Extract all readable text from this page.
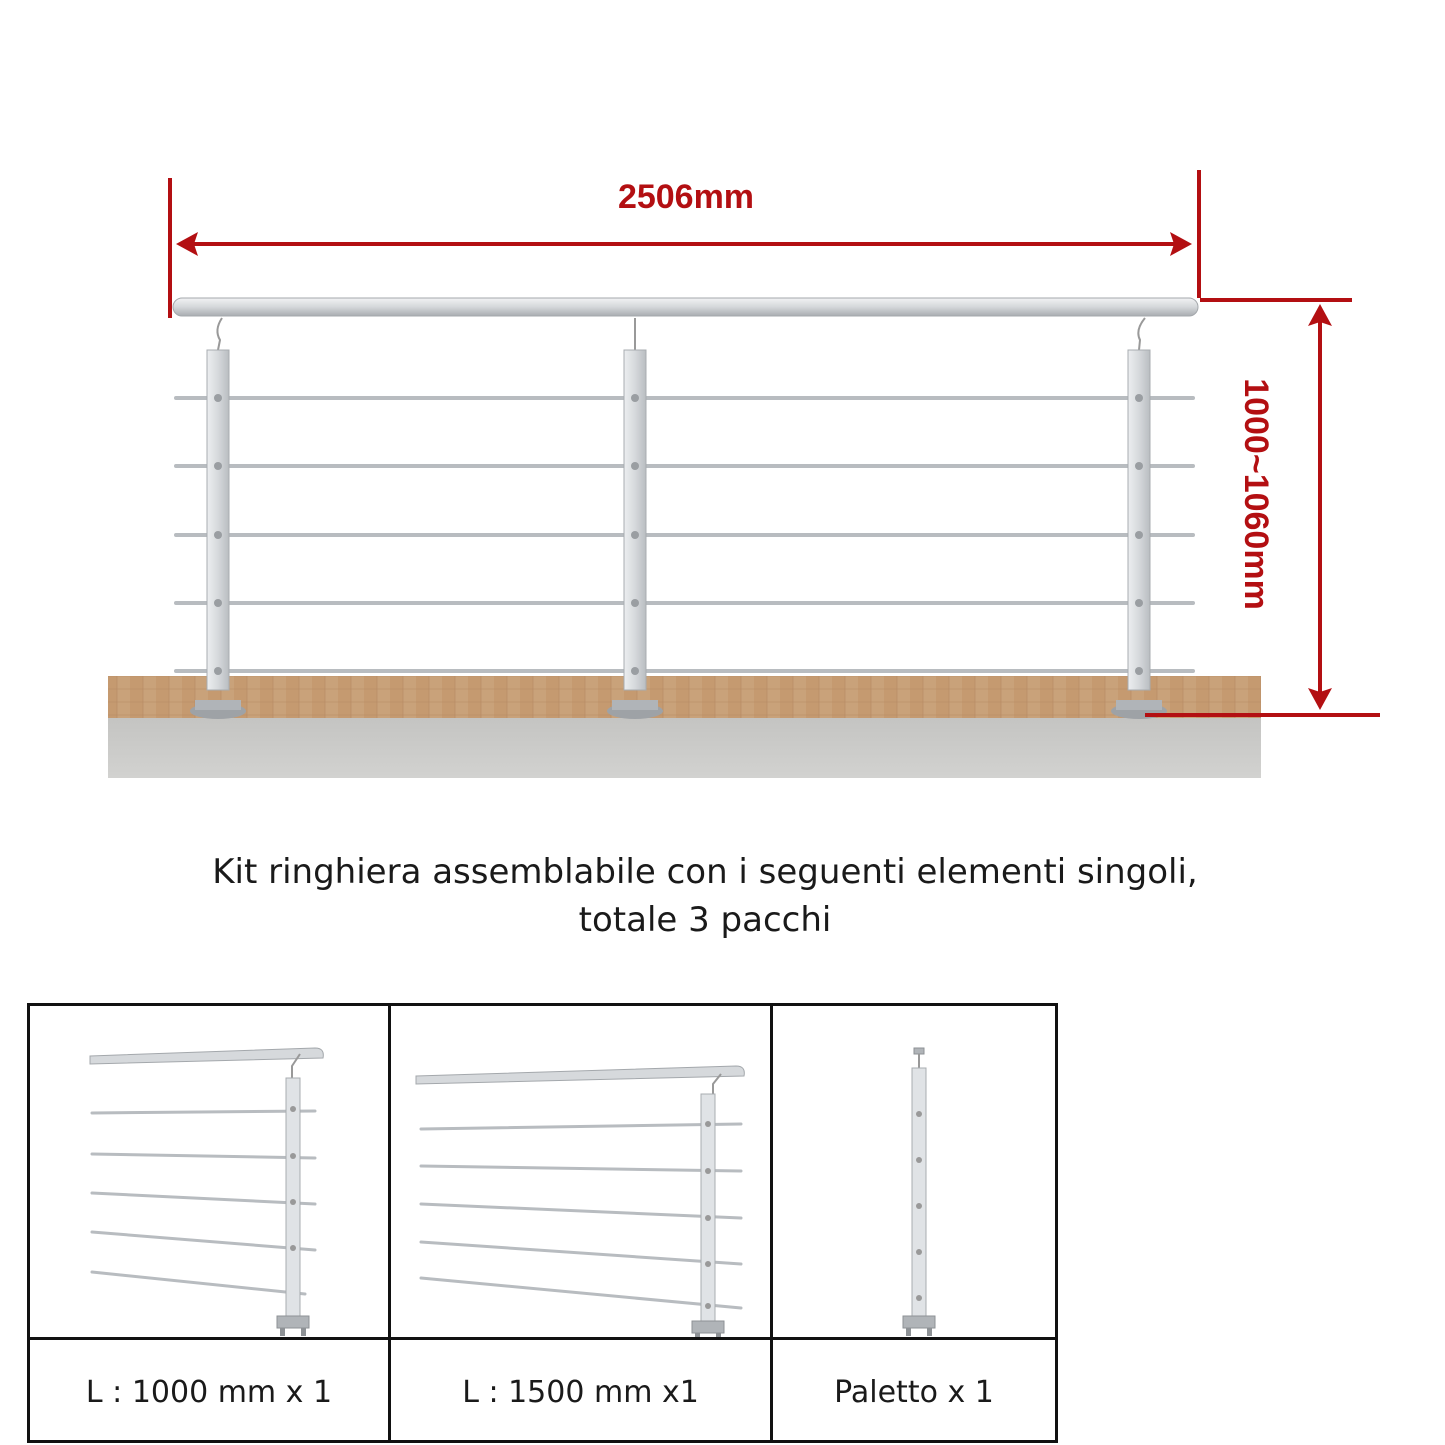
2506mm
1000~1060mm
Kit ringhiera assemblabile con i seguenti elementi singoli,
totale 3 pacchi
L : 1000 mm x 1	L : 1500 mm x1	Paletto x 1
